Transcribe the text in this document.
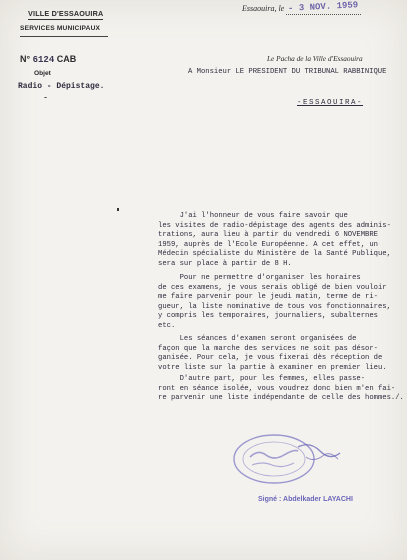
VILLE D'ESSAOUIRA
SERVICES MUNICIPAUX
N° 6124 CAB
Objet
Radio - Dépistage.
-
Essaouira, le - 3 NOV. 1959
Le Pacha de la Ville d'Essaouira
A Monsieur LE PRESIDENT DU TRIBUNAL RABBINIQUE
-ESSAOUIRA-
J'ai l'honneur de vous faire savoir que
les visites de radio-dépistage des agents des adminis-
trations, aura lieu à partir du vendredi 6 NOVEMBRE
1959, auprès de l'Ecole Européenne. A cet effet, un
Médecin spécialiste du Ministère de la Santé Publique,
sera sur place à partir de 8 H.
Pour ne permettre d'organiser les horaires
de ces examens, je vous serais obligé de bien vouloir
me faire parvenir pour le jeudi matin, terme de ri-
gueur, la liste nominative de tous vos fonctionnaires,
y compris les temporaires, journaliers, subalternes
etc.
Les séances d'examen seront organisées de
façon que la marche des services ne soit pas désor-
ganisée. Pour cela, je vous fixerai dès réception de
votre liste sur la partie à examiner en premier lieu.
D'autre part, pour les femmes, elles passe-
ront en séance isolée, vous voudrez donc bien m'en fai-
re parvenir une liste indépendante de celle des hommes./.
Signé : Abdelkader LAYACHI
